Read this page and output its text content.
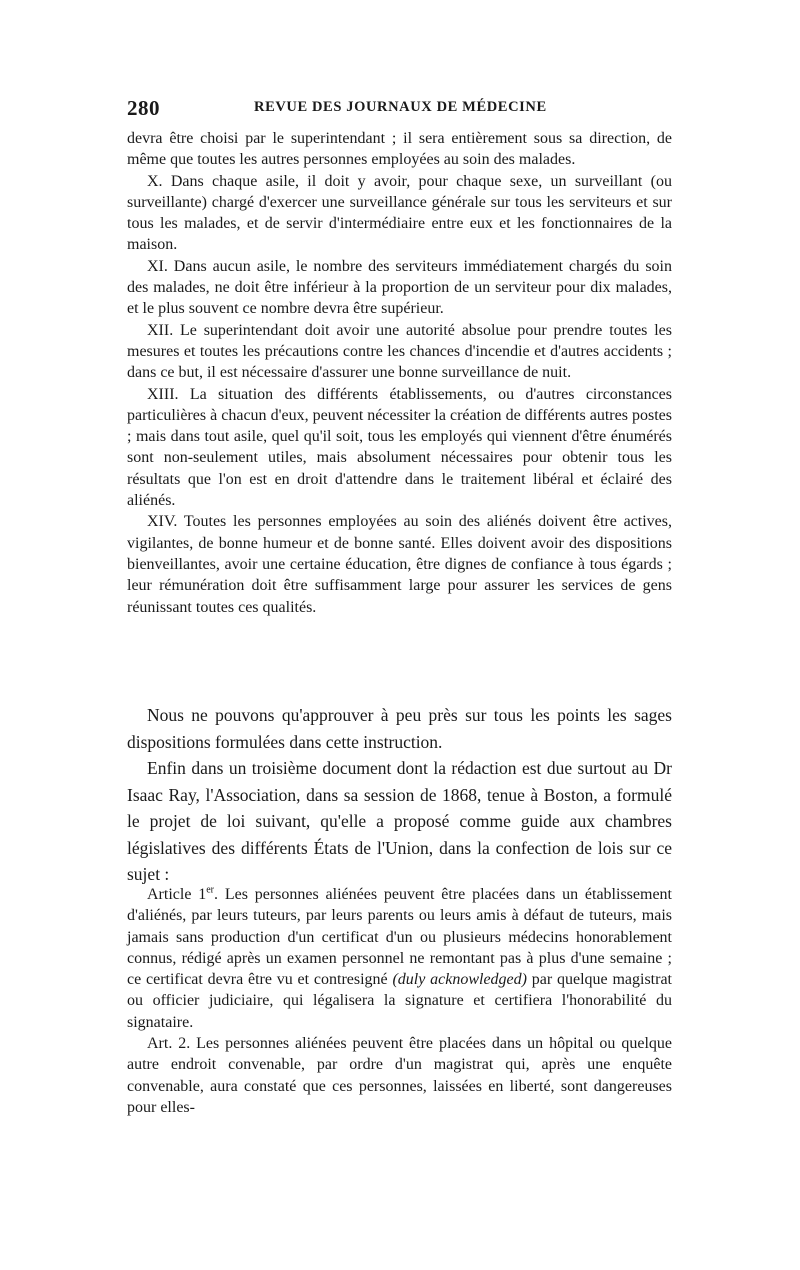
280	REVUE DES JOURNAUX DE MÉDECINE

devra être choisi par le superintendant ; il sera entièrement sous sa direction, de même que toutes les autres personnes employées au soin des malades.

X. Dans chaque asile, il doit y avoir, pour chaque sexe, un surveillant (ou surveillante) chargé d'exercer une surveillance générale sur tous les serviteurs et sur tous les malades, et de servir d'intermédiaire entre eux et les fonctionnaires de la maison.

XI. Dans aucun asile, le nombre des serviteurs immédiatement chargés du soin des malades, ne doit être inférieur à la proportion de un serviteur pour dix malades, et le plus souvent ce nombre devra être supérieur.

XII. Le superintendant doit avoir une autorité absolue pour prendre toutes les mesures et toutes les précautions contre les chances d'incendie et d'autres accidents ; dans ce but, il est nécessaire d'assurer une bonne surveillance de nuit.

XIII. La situation des différents établissements, ou d'autres circonstances particulières à chacun d'eux, peuvent nécessiter la création de différents autres postes ; mais dans tout asile, quel qu'il soit, tous les employés qui viennent d'être énumérés sont non-seulement utiles, mais absolument nécessaires pour obtenir tous les résultats que l'on est en droit d'attendre dans le traitement libéral et éclairé des aliénés.

XIV. Toutes les personnes employées au soin des aliénés doivent être actives, vigilantes, de bonne humeur et de bonne santé. Elles doivent avoir des dispositions bienveillantes, avoir une certaine éducation, être dignes de confiance à tous égards ; leur rémunération doit être suffisamment large pour assurer les services de gens réunissant toutes ces qualités.

Nous ne pouvons qu'approuver à peu près sur tous les points les sages dispositions formulées dans cette instruction.

Enfin dans un troisième document dont la rédaction est due surtout au Dr Isaac Ray, l'Association, dans sa session de 1868, tenue à Boston, a formulé le projet de loi suivant, qu'elle a proposé comme guide aux chambres législatives des différents États de l'Union, dans la confection de lois sur ce sujet :

Article 1er. Les personnes aliénées peuvent être placées dans un établissement d'aliénés, par leurs tuteurs, par leurs parents ou leurs amis à défaut de tuteurs, mais jamais sans production d'un certificat d'un ou plusieurs médecins honorablement connus, rédigé après un examen personnel ne remontant pas à plus d'une semaine ; ce certificat devra être vu et contresigné (duly acknowledged) par quelque magistrat ou officier judiciaire, qui légalisera la signature et certifiera l'honorabilité du signataire.

Art. 2. Les personnes aliénées peuvent être placées dans un hôpital ou quelque autre endroit convenable, par ordre d'un magistrat qui, après une enquête convenable, aura constaté que ces personnes, laissées en liberté, sont dangereuses pour elles-
